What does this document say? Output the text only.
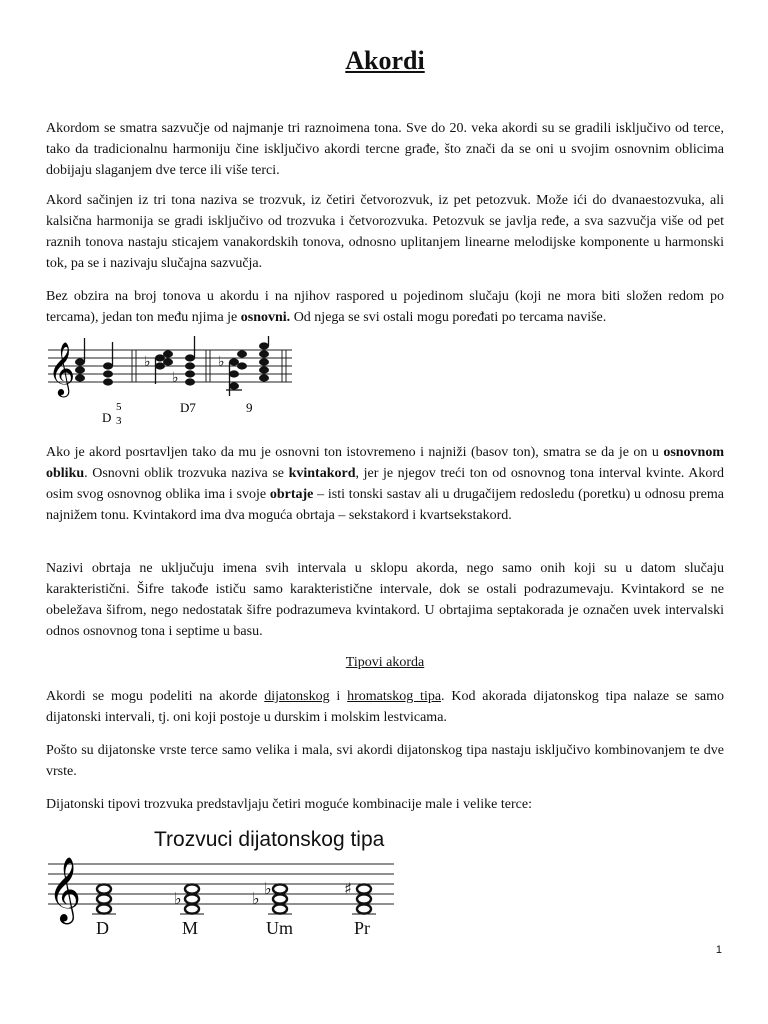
Akordi

Akordom se smatra sazvučje od najmanje tri raznoimena tona. Sve do 20. veka akordi su se gradili isključivo od terce, tako da tradicionalnu harmoniju čine isključivo akordi tercne građe, što znači da se oni u svojim osnovnim oblicima dobijaju slaganjem dve terce ili više terci.

Akord sačinjen iz tri tona naziva se trozvuk, iz četiri četvorozvuk, iz pet petozvuk. Može ići do dvanaestozvuka, ali kalsična harmonija se gradi isključivo od trozvuka i četvorozvuka. Petozvuk se javlja ređe, a sva sazvučja više od pet raznih tonova nastaju sticajem vanakordskih tonova, odnosno uplitanjem linearne melodijske komponente u harmonski tok, pa se i nazivaju slučajna sazvučja.

Bez obzira na broj tonova u akordu i na njihov raspored u pojedinom slučaju (koji ne mora biti složen redom po tercama), jedan ton među njima je osnovni. Od njega se svi ostali mogu poređati po tercama naviše.

𝄞	♭
♭
♭
D
5
3
D7	9

Ako je akord posrtavljen tako da mu je osnovni ton istovremeno i najniži (basov ton), smatra se da je on u osnovnom obliku. Osnovni oblik trozvuka naziva se kvintakord, jer je njegov treći ton od osnovnog tona interval kvinte. Akord osim svog osnovnog oblika ima i svoje obrtaje – isti tonski sastav ali u drugačijem redosledu (poretku) u odnosu prema najnižem tonu. Kvintakord ima dva moguća obrtaja – sekstakord i kvartsekstakord.

Nazivi obrtaja ne uključuju imena svih intervala u sklopu akorda, nego samo onih koji su u datom slučaju karakteristični. Šifre takođe ističu samo karakteristične intervale, dok se ostali podrazumevaju. Kvintakord se ne obeležava šifrom, nego nedostatak šifre podrazumeva kvintakord. U obrtajima septakorada je označen uvek intervalski odnos osnovnog tona i septime u basu.

Tipovi akorda

Akordi se mogu podeliti na akorde dijatonskog i hromatskog tipa. Kod akorada dijatonskog tipa nalaze se samo dijatonski intervali, tj. oni koji postoje u durskim i molskim lestvicama.

Pošto su dijatonske vrste terce samo velika i mala, svi akordi dijatonskog tipa nastaju isključivo kombinovanjem te dve vrste.

Dijatonski tipovi trozvuka predstavljaju četiri moguće kombinacije male i velike terce:

Trozvuci dijatonskog tipa
𝄞	♭	♭
♭	♯
D	M	Um	Pr
1
